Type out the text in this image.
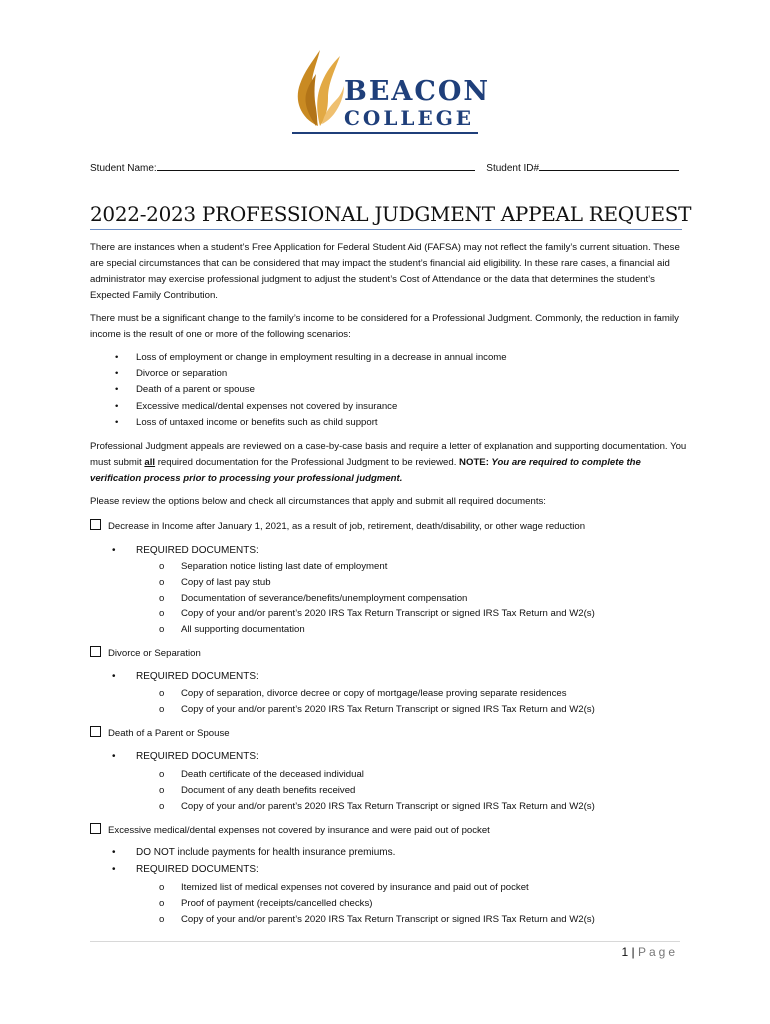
BEACON
COLLEGE
Student Name:	Student ID#
2022-2023 PROFESSIONAL JUDGMENT APPEAL REQUEST
There are instances when a student’s Free Application for Federal Student Aid (FAFSA) may not reflect the family’s current situation. These are special circumstances that can be considered that may impact the student’s financial aid eligibility. In these rare cases, a financial aid administrator may exercise professional judgment to adjust the student’s Cost of Attendance or the data that determines the student’s Expected Family Contribution.
There must be a significant change to the family’s income to be considered for a Professional Judgment. Commonly, the reduction in family income is the result of one or more of the following scenarios:
• Loss of employment or change in employment resulting in a decrease in annual income
• Divorce or separation
• Death of a parent or spouse
• Excessive medical/dental expenses not covered by insurance
• Loss of untaxed income or benefits such as child support
Professional Judgment appeals are reviewed on a case-by-case basis and require a letter of explanation and supporting documentation. You must submit all required documentation for the Professional Judgment to be reviewed. NOTE: You are required to complete the verification process prior to processing your professional judgment.
Please review the options below and check all circumstances that apply and submit all required documents:
Decrease in Income after January 1, 2021, as a result of job, retirement, death/disability, or other wage reduction
• REQUIRED DOCUMENTS:
o Separation notice listing last date of employment
o Copy of last pay stub
o Documentation of severance/benefits/unemployment compensation
o Copy of your and/or parent’s 2020 IRS Tax Return Transcript or signed IRS Tax Return and W2(s)
o All supporting documentation
Divorce or Separation
• REQUIRED DOCUMENTS:
o Copy of separation, divorce decree or copy of mortgage/lease proving separate residences
o Copy of your and/or parent’s 2020 IRS Tax Return Transcript or signed IRS Tax Return and W2(s)
Death of a Parent or Spouse
• REQUIRED DOCUMENTS:
o Death certificate of the deceased individual
o Document of any death benefits received
o Copy of your and/or parent’s 2020 IRS Tax Return Transcript or signed IRS Tax Return and W2(s)
Excessive medical/dental expenses not covered by insurance and were paid out of pocket
• DO NOT include payments for health insurance premiums.
• REQUIRED DOCUMENTS:
o Itemized list of medical expenses not covered by insurance and paid out of pocket
o Proof of payment (receipts/cancelled checks)
o Copy of your and/or parent’s 2020 IRS Tax Return Transcript or signed IRS Tax Return and W2(s)
1 | Page
